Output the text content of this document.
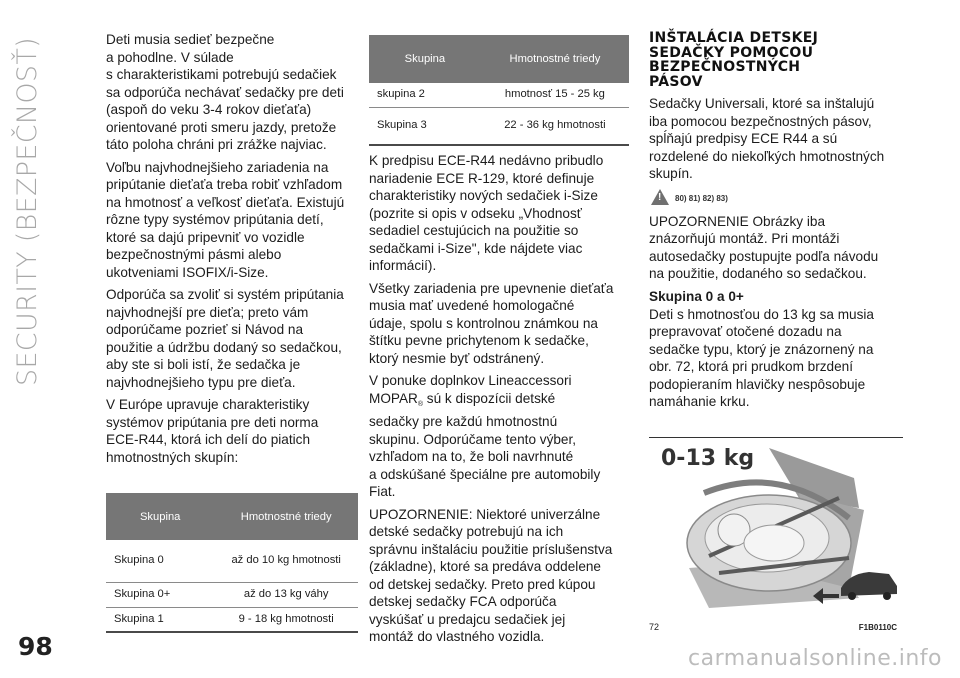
SECURITY (BEZPEČNOSŤ)
98	carmanualsonline.info

Deti musia sedieť bezpečne
a pohodlne. V súlade
s charakteristikami potrebujú sedačiek
sa odporúča nechávať sedačky pre deti
(aspoň do veku 3-4 rokov dieťaťa)
orientované proti smeru jazdy, pretože
táto poloha chráni pri zrážke najviac.

Voľbu najvhodnejšieho zariadenia na
pripútanie dieťaťa treba robiť vzhľadom
na hmotnosť a veľkosť dieťaťa. Existujú
rôzne typy systémov pripútania detí,
ktoré sa dajú pripevniť vo vozidle
bezpečnostnými pásmi alebo
ukotveniami ISOFIX/i-Size.

Odporúča sa zvoliť si systém pripútania
najvhodnejší pre dieťa; preto vám
odporúčame pozrieť si Návod na
použitie a údržbu dodaný so sedačkou,
aby ste si boli istí, že sedačka je
najvhodnejšieho typu pre dieťa.

V Európe upravuje charakteristiky
systémov pripútania pre deti norma
ECE-R44, ktorá ich delí do piatich
hmotnostných skupín:

Skupina	Hmotnostné triedy
Skupina 0	až do 10 kg hmotnosti
Skupina 0+	až do 13 kg váhy
Skupina 1	9 - 18 kg hmotnosti
Skupina	Hmotnostné triedy
skupina 2	hmotnosť 15 - 25 kg
Skupina 3	22 - 36 kg hmotnosti

K predpisu ECE-R44 nedávno pribudlo
nariadenie ECE R-129, ktoré definuje
charakteristiky nových sedačiek i-Size
(pozrite si opis v odseku „Vhodnosť
sedadiel cestujúcich na použitie so
sedačkami i-Size", kde nájdete viac
informácií).

Všetky zariadenia pre upevnenie dieťaťa
musia mať uvedené homologačné
údaje, spolu s kontrolnou známkou na
štítku pevne prichytenom k sedačke,
ktorý nesmie byť odstránený.

V ponuke doplnkov Lineaccessori
$MOPAR_®$ sú k dispozícii detské
sedačky pre každú hmotnostnú
skupinu. Odporúčame tento výber,
vzhľadom na to, že boli navrhnuté
a odskúšané špeciálne pre automobily
Fiat.

UPOZORNENIE: Niektoré univerzálne
detské sedačky potrebujú na ich
správnu inštaláciu použitie príslušenstva
(základne), ktoré sa predáva oddelene
od detskej sedačky. Preto pred kúpou
detskej sedačky FCA odporúča
vyskúšať u predajcu sedačiek jej
montáž do vlastného vozidla.

INŠTALÁCIA DETSKEJ
SEDAČKY POMOCOU
BEZPEČNOSTNÝCH
PÁSOV

Sedačky Universali, ktoré sa inštalujú
iba pomocou bezpečnostných pásov,
spĺňajú predpisy ECE R44 a sú
rozdelené do niekoľkých hmotnostných
skupín.

!
80) 81) 82) 83)

UPOZORNENIE Obrázky iba
znázorňujú montáž. Pri montáži
autosedačky postupujte podľa návodu
na použitie, dodaného so sedačkou.

Skupina 0 a 0+

Deti s hmotnosťou do 13 kg sa musia
prepravovať otočené dozadu na
sedačke typu, ktorý je znázornený na
obr. 72, ktorá pri prudkom brzdení
podopieraním hlavičky nespôsobuje
namáhanie krku.

0-13 kg
72	F1B0110C
